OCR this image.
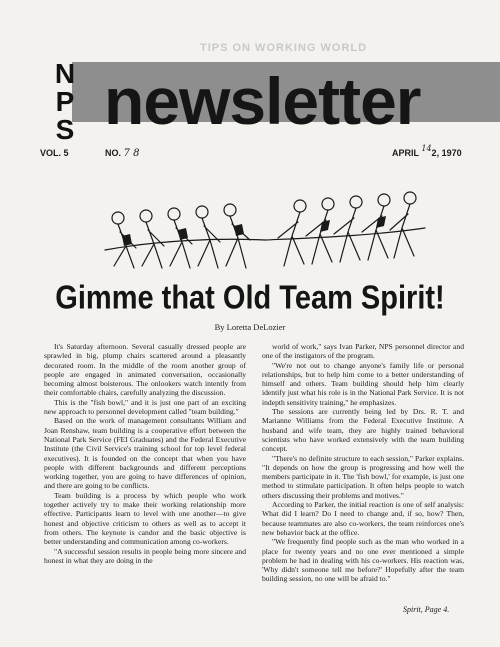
TIPS ON WORKING WORLD
N
P
S newsletter
VOL. 5	NO. 7 8	APRIL 142, 1970
Gimme that Old Team Spirit!
By Loretta DeLozier

It's Saturday afternoon. Several casually dressed people are sprawled in big, plump chairs scattered around a pleasantly decorated room. In the middle of the room another group of people are engaged in animated conversation, occasionally becoming almost boisterous. The onlookers watch intently from their comfortable chairs, carefully analyzing the discussion.

This is the "fish bowl," and it is just one part of an exciting new approach to personnel development called "team building."

Based on the work of management consultants William and Joan Renshaw, team building is a cooperative effort between the National Park Service (FEI Graduates) and the Federal Executive Institute (the Civil Service's training school for top level federal executives). It is founded on the concept that when you have people with different backgrounds and different perceptions working together, you are going to have differences of opinion, and there are going to be conflicts.

Team building is a process by which people who work together actively try to make their working relationship more effective. Participants learn to level with one another—to give honest and objective criticism to others as well as to accept it from others. The keynote is candor and the basic objective is better understanding and communication among co-workers.

"A successful session results in people being more sincere and honest in what they are doing in the

world of work," says Ivan Parker, NPS personnel director and one of the instigators of the program.

"We're not out to change anyone's family life or personal relationships, but to help him come to a better understanding of himself and others. Team building should help him clearly identify just what his role is in the National Park Service. It is not indepth sensitivity training," he emphasizes.

The sessions are currently being led by Drs. R. T. and Marianne Williams from the Federal Executive Institute. A husband and wife team, they are highly trained behavioral scientists who have worked extensively with the team building concept.

"There's no definite structure to each session," Parker explains. "It depends on how the group is progressing and how well the members participate in it. The 'fish bowl,' for example, is just one method to stimulate participation. It often helps people to watch others discussing their problems and motives."

According to Parker, the initial reaction is one of self analysis: What did I learn? Do I need to change and, if so, how? Then, because teammates are also co-workers, the team reinforces one's new behavior back at the office.

"We frequently find people such as the man who worked in a place for twenty years and no one ever mentioned a simple problem he had in dealing with his co-workers. His reaction was, 'Why didn't someone tell me before?' Hopefully after the team building session, no one will be afraid to."

Spirit, Page 4.
